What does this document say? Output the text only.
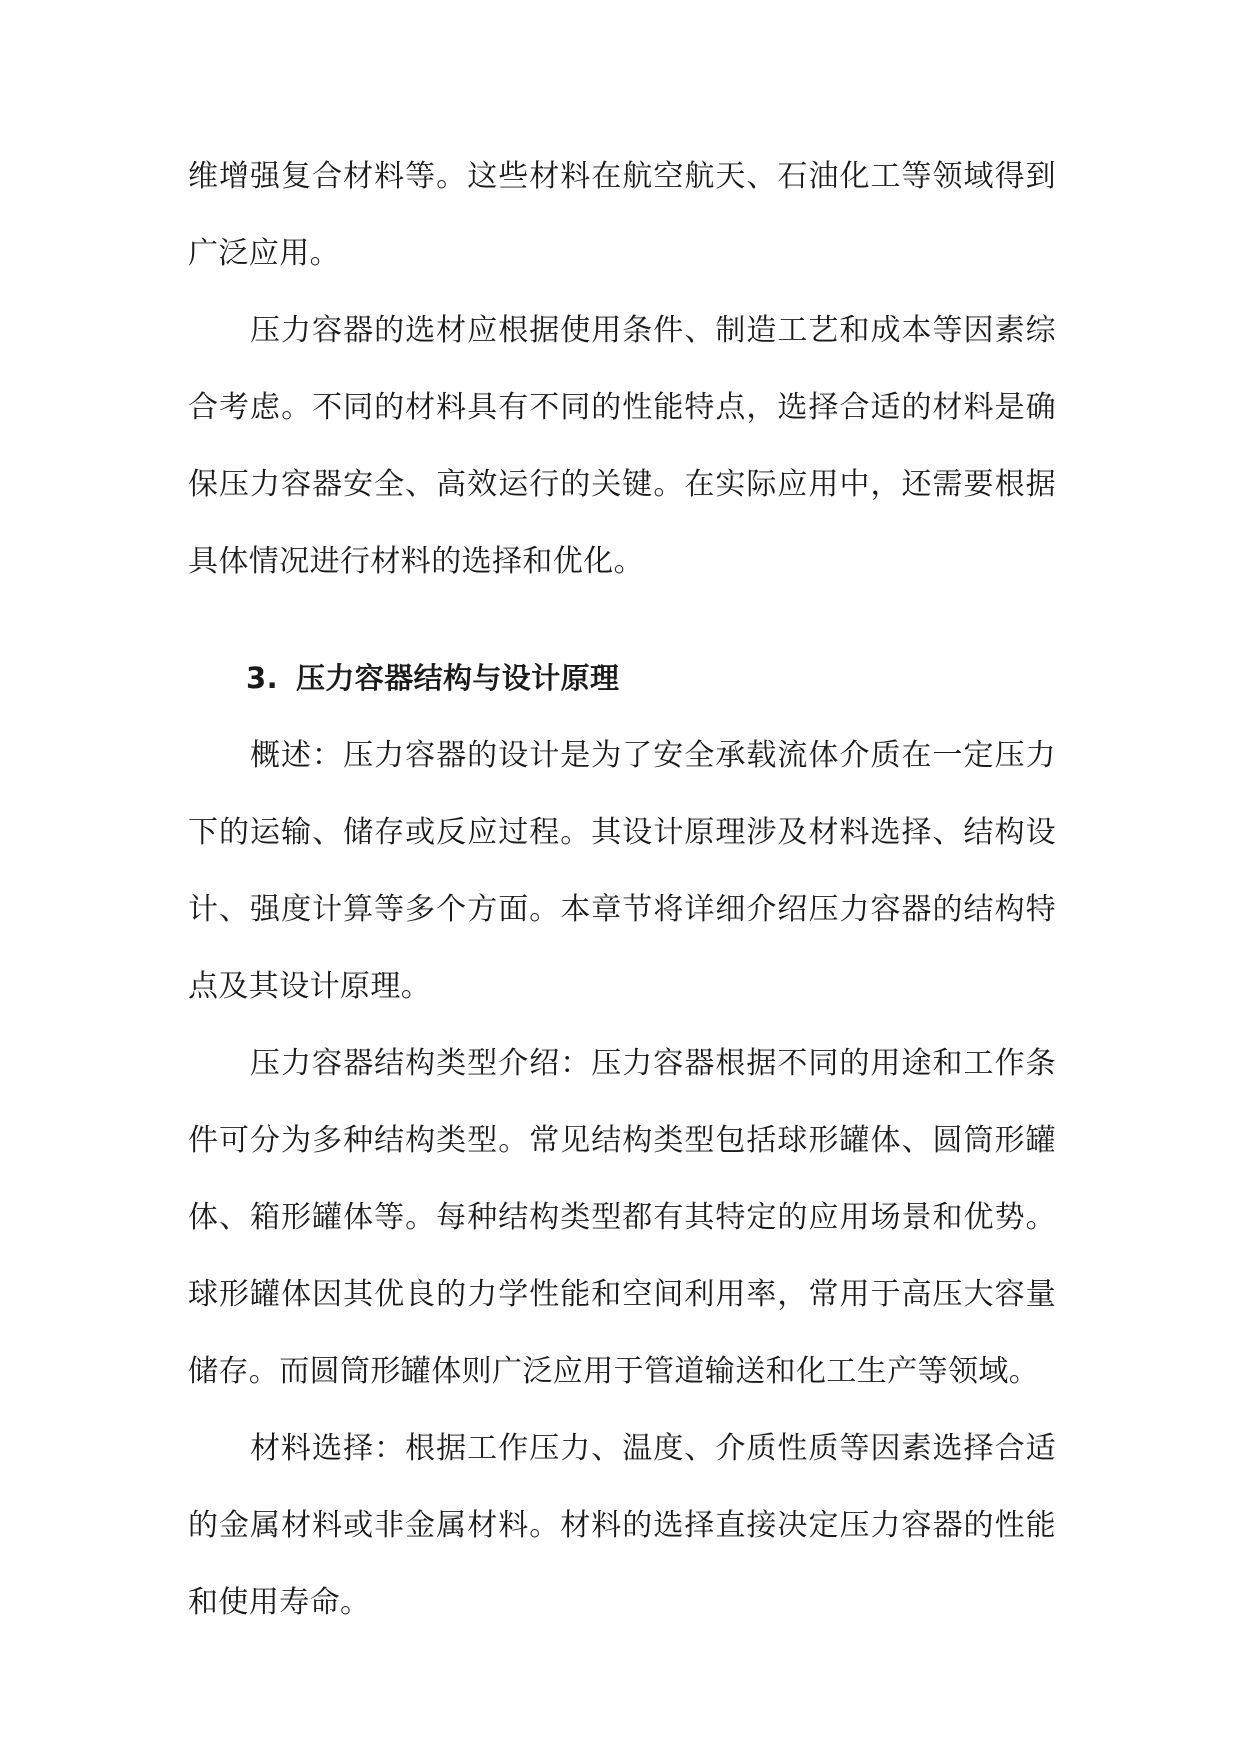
维增强复合材料等。这些材料在航空航天、石油化工等领域得到广泛应用。

压力容器的选材应根据使用条件、制造工艺和成本等因素综合考虑。不同的材料具有不同的性能特点，选择合适的材料是确保压力容器安全、高效运行的关键。在实际应用中，还需要根据具体情况进行材料的选择和优化。

3. 压力容器结构与设计原理

概述：压力容器的设计是为了安全承载流体介质在一定压力下的运输、储存或反应过程。其设计原理涉及材料选择、结构设计、强度计算等多个方面。本章节将详细介绍压力容器的结构特点及其设计原理。

压力容器结构类型介绍：压力容器根据不同的用途和工作条件可分为多种结构类型。常见结构类型包括球形罐体、圆筒形罐体、箱形罐体等。每种结构类型都有其特定的应用场景和优势。球形罐体因其优良的力学性能和空间利用率，常用于高压大容量储存。而圆筒形罐体则广泛应用于管道输送和化工生产等领域。

材料选择：根据工作压力、温度、介质性质等因素选择合适的金属材料或非金属材料。材料的选择直接决定压力容器的性能和使用寿命。
